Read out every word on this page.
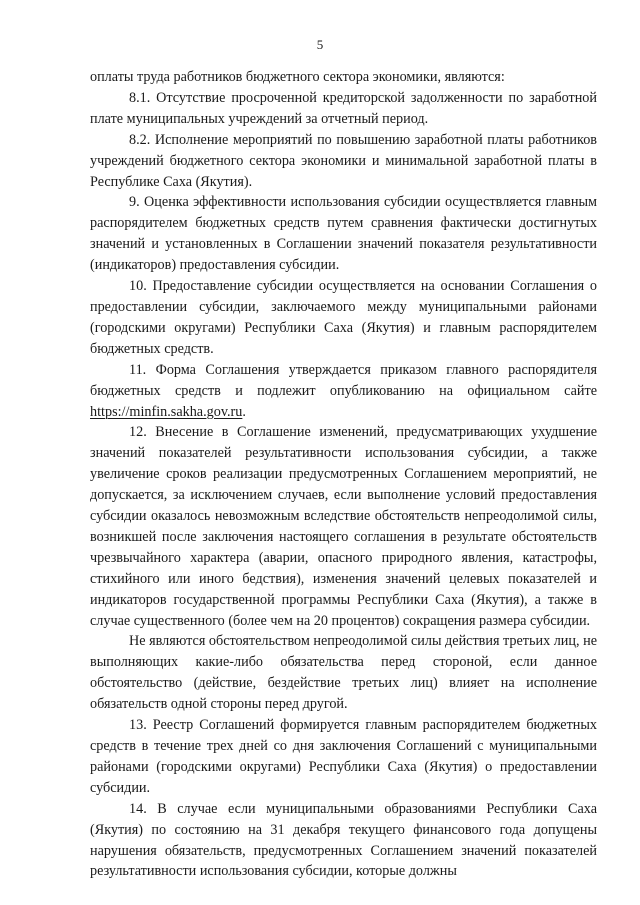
5

оплаты труда работников бюджетного сектора экономики, являются:

8.1. Отсутствие просроченной кредиторской задолженности по заработной плате муниципальных учреждений за отчетный период.

8.2. Исполнение мероприятий по повышению заработной платы работников учреждений бюджетного сектора экономики и минимальной заработной платы в Республике Саха (Якутия).

9. Оценка эффективности использования субсидии осуществляется главным распорядителем бюджетных средств путем сравнения фактически достигнутых значений и установленных в Соглашении значений показателя результативности (индикаторов) предоставления субсидии.

10. Предоставление субсидии осуществляется на основании Соглашения о предоставлении субсидии, заключаемого между муниципальными районами (городскими округами) Республики Саха (Якутия) и главным распорядителем бюджетных средств.

11. Форма Соглашения утверждается приказом главного распорядителя бюджетных средств и подлежит опубликованию на официальном сайте https://minfin.sakha.gov.ru.

12. Внесение в Соглашение изменений, предусматривающих ухудшение значений показателей результативности использования субсидии, а также увеличение сроков реализации предусмотренных Соглашением мероприятий, не допускается, за исключением случаев, если выполнение условий предоставления субсидии оказалось невозможным вследствие обстоятельств непреодолимой силы, возникшей после заключения настоящего соглашения в результате обстоятельств чрезвычайного характера (аварии, опасного природного явления, катастрофы, стихийного или иного бедствия), изменения значений целевых показателей и индикаторов государственной программы Республики Саха (Якутия), а также в случае существенного (более чем на 20 процентов) сокращения размера субсидии.

Не являются обстоятельством непреодолимой силы действия третьих лиц, не выполняющих какие-либо обязательства перед стороной, если данное обстоятельство (действие, бездействие третьих лиц) влияет на исполнение обязательств одной стороны перед другой.

13. Реестр Соглашений формируется главным распорядителем бюджетных средств в течение трех дней со дня заключения Соглашений с муниципальными районами (городскими округами) Республики Саха (Якутия) о предоставлении субсидии.

14. В случае если муниципальными образованиями Республики Саха (Якутия) по состоянию на 31 декабря текущего финансового года допущены нарушения обязательств, предусмотренных Соглашением значений показателей результативности использования субсидии, которые должны
